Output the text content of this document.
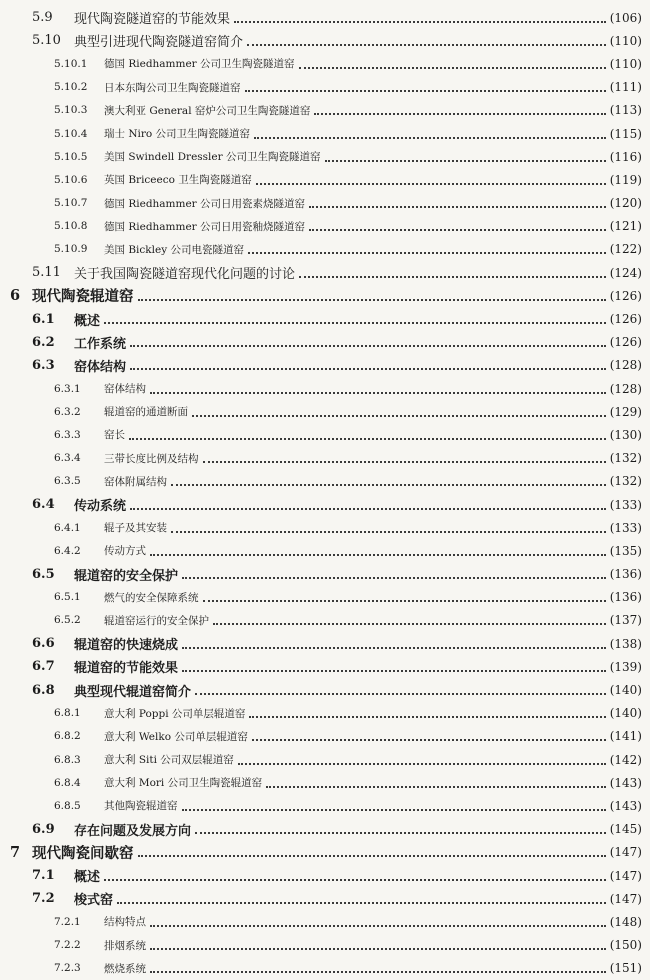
5.9	现代陶瓷隧道窑的节能效果	(106)
5.10	典型引进现代陶瓷隧道窑简介	(110)
5.10.1	德国 Riedhammer 公司卫生陶瓷隧道窑	(110)
5.10.2	日本东陶公司卫生陶瓷隧道窑	(111)
5.10.3	澳大利亚 General 窑炉公司卫生陶瓷隧道窑	(113)
5.10.4	瑞士 Niro 公司卫生陶瓷隧道窑	(115)
5.10.5	美国 Swindell Dressler 公司卫生陶瓷隧道窑	(116)
5.10.6	英国 Briceeco 卫生陶瓷隧道窑	(119)
5.10.7	德国 Riedhammer 公司日用瓷素烧隧道窑	(120)
5.10.8	德国 Riedhammer 公司日用瓷釉烧隧道窑	(121)
5.10.9	美国 Bickley 公司电瓷隧道窑	(122)
5.11	关于我国陶瓷隧道窑现代化问题的讨论	(124)
6 现代陶瓷辊道窑	(126)
6.1	概述	(126)
6.2	工作系统	(126)
6.3	窑体结构	(128)
6.3.1	窑体结构	(128)
6.3.2	辊道窑的通道断面	(129)
6.3.3	窑长	(130)
6.3.4	三带长度比例及结构	(132)
6.3.5	窑体附属结构	(132)
6.4	传动系统	(133)
6.4.1	辊子及其安装	(133)
6.4.2	传动方式	(135)
6.5	辊道窑的安全保护	(136)
6.5.1	燃气的安全保障系统	(136)
6.5.2	辊道窑运行的安全保护	(137)
6.6	辊道窑的快速烧成	(138)
6.7	辊道窑的节能效果	(139)
6.8	典型现代辊道窑简介	(140)
6.8.1	意大利 Poppi 公司单层辊道窑	(140)
6.8.2	意大利 Welko 公司单层辊道窑	(141)
6.8.3	意大利 Siti 公司双层辊道窑	(142)
6.8.4	意大利 Mori 公司卫生陶瓷辊道窑	(143)
6.8.5	其他陶瓷辊道窑	(143)
6.9	存在问题及发展方向	(145)
7 现代陶瓷间歇窑	(147)
7.1	概述	(147)
7.2	梭式窑	(147)
7.2.1	结构特点	(148)
7.2.2	排烟系统	(150)
7.2.3	燃烧系统	(151)
